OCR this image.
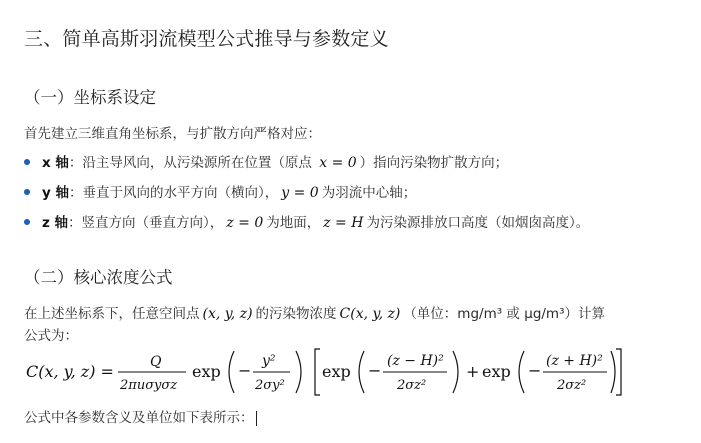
三、简单高斯羽流模型公式推导与参数定义
（一）坐标系设定
首先建立三维直角坐标系，与扩散方向严格对应：
x 轴：沿主导风向，从污染源所在位置（原点 x = 0 ）指向污染物扩散方向；
y 轴：垂直于风向的水平方向（横向）， y = 0 为羽流中心轴；
z 轴：竖直方向（垂直方向）， z = 0 为地面， z = H 为污染源排放口高度（如烟囱高度）。
（二）核心浓度公式
在上述坐标系下，任意空间点 (x, y, z) 的污染物浓度 C(x, y, z) （单位：mg/m³ 或 μg/m³）计算
公式为：
C(x, y, z) =	Q
2πuσyσz
exp − y²
2σy²
exp − (z − H)²
2σz²
+ exp − (z + H)²
2σz²
公式中各参数含义及单位如下表所示：
